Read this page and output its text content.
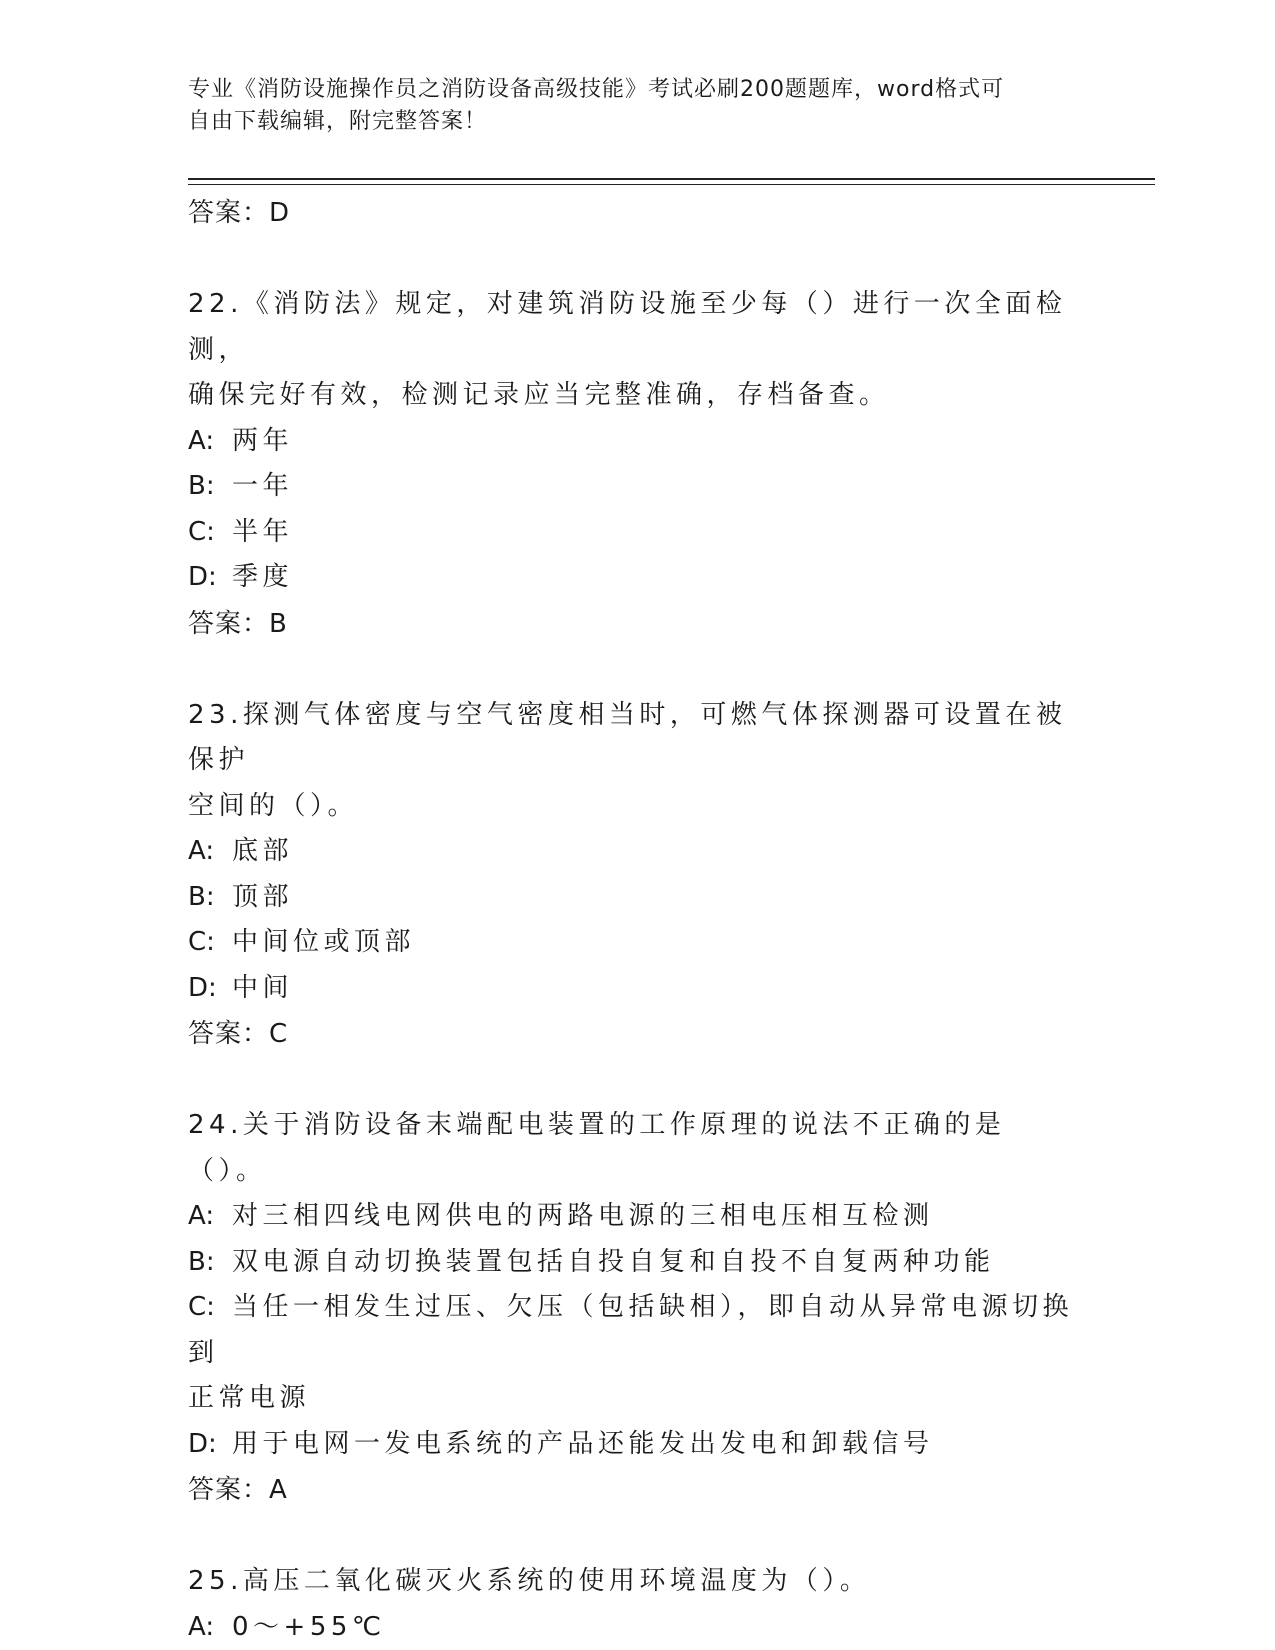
专业《消防设施操作员之消防设备高级技能》考试必刷200题题库，word格式可
自由下载编辑，附完整答案！

答案：D

22.《消防法》规定，对建筑消防设施至少每（）进行一次全面检测，

确保完好有效，检测记录应当完整准确，存档备查。

A: 两年

B: 一年

C: 半年

D: 季度

答案：B

23.探测气体密度与空气密度相当时，可燃气体探测器可设置在被保护

空间的（）。

A: 底部

B: 顶部

C: 中间位或顶部

D: 中间

答案：C

24.关于消防设备末端配电装置的工作原理的说法不正确的是（）。

A: 对三相四线电网供电的两路电源的三相电压相互检测

B: 双电源自动切换装置包括自投自复和自投不自复两种功能

C: 当任一相发生过压、欠压（包括缺相），即自动从异常电源切换到

正常电源

D: 用于电网一发电系统的产品还能发出发电和卸载信号

答案：A

25.高压二氧化碳灭火系统的使用环境温度为（）。

A: 0～+55℃
